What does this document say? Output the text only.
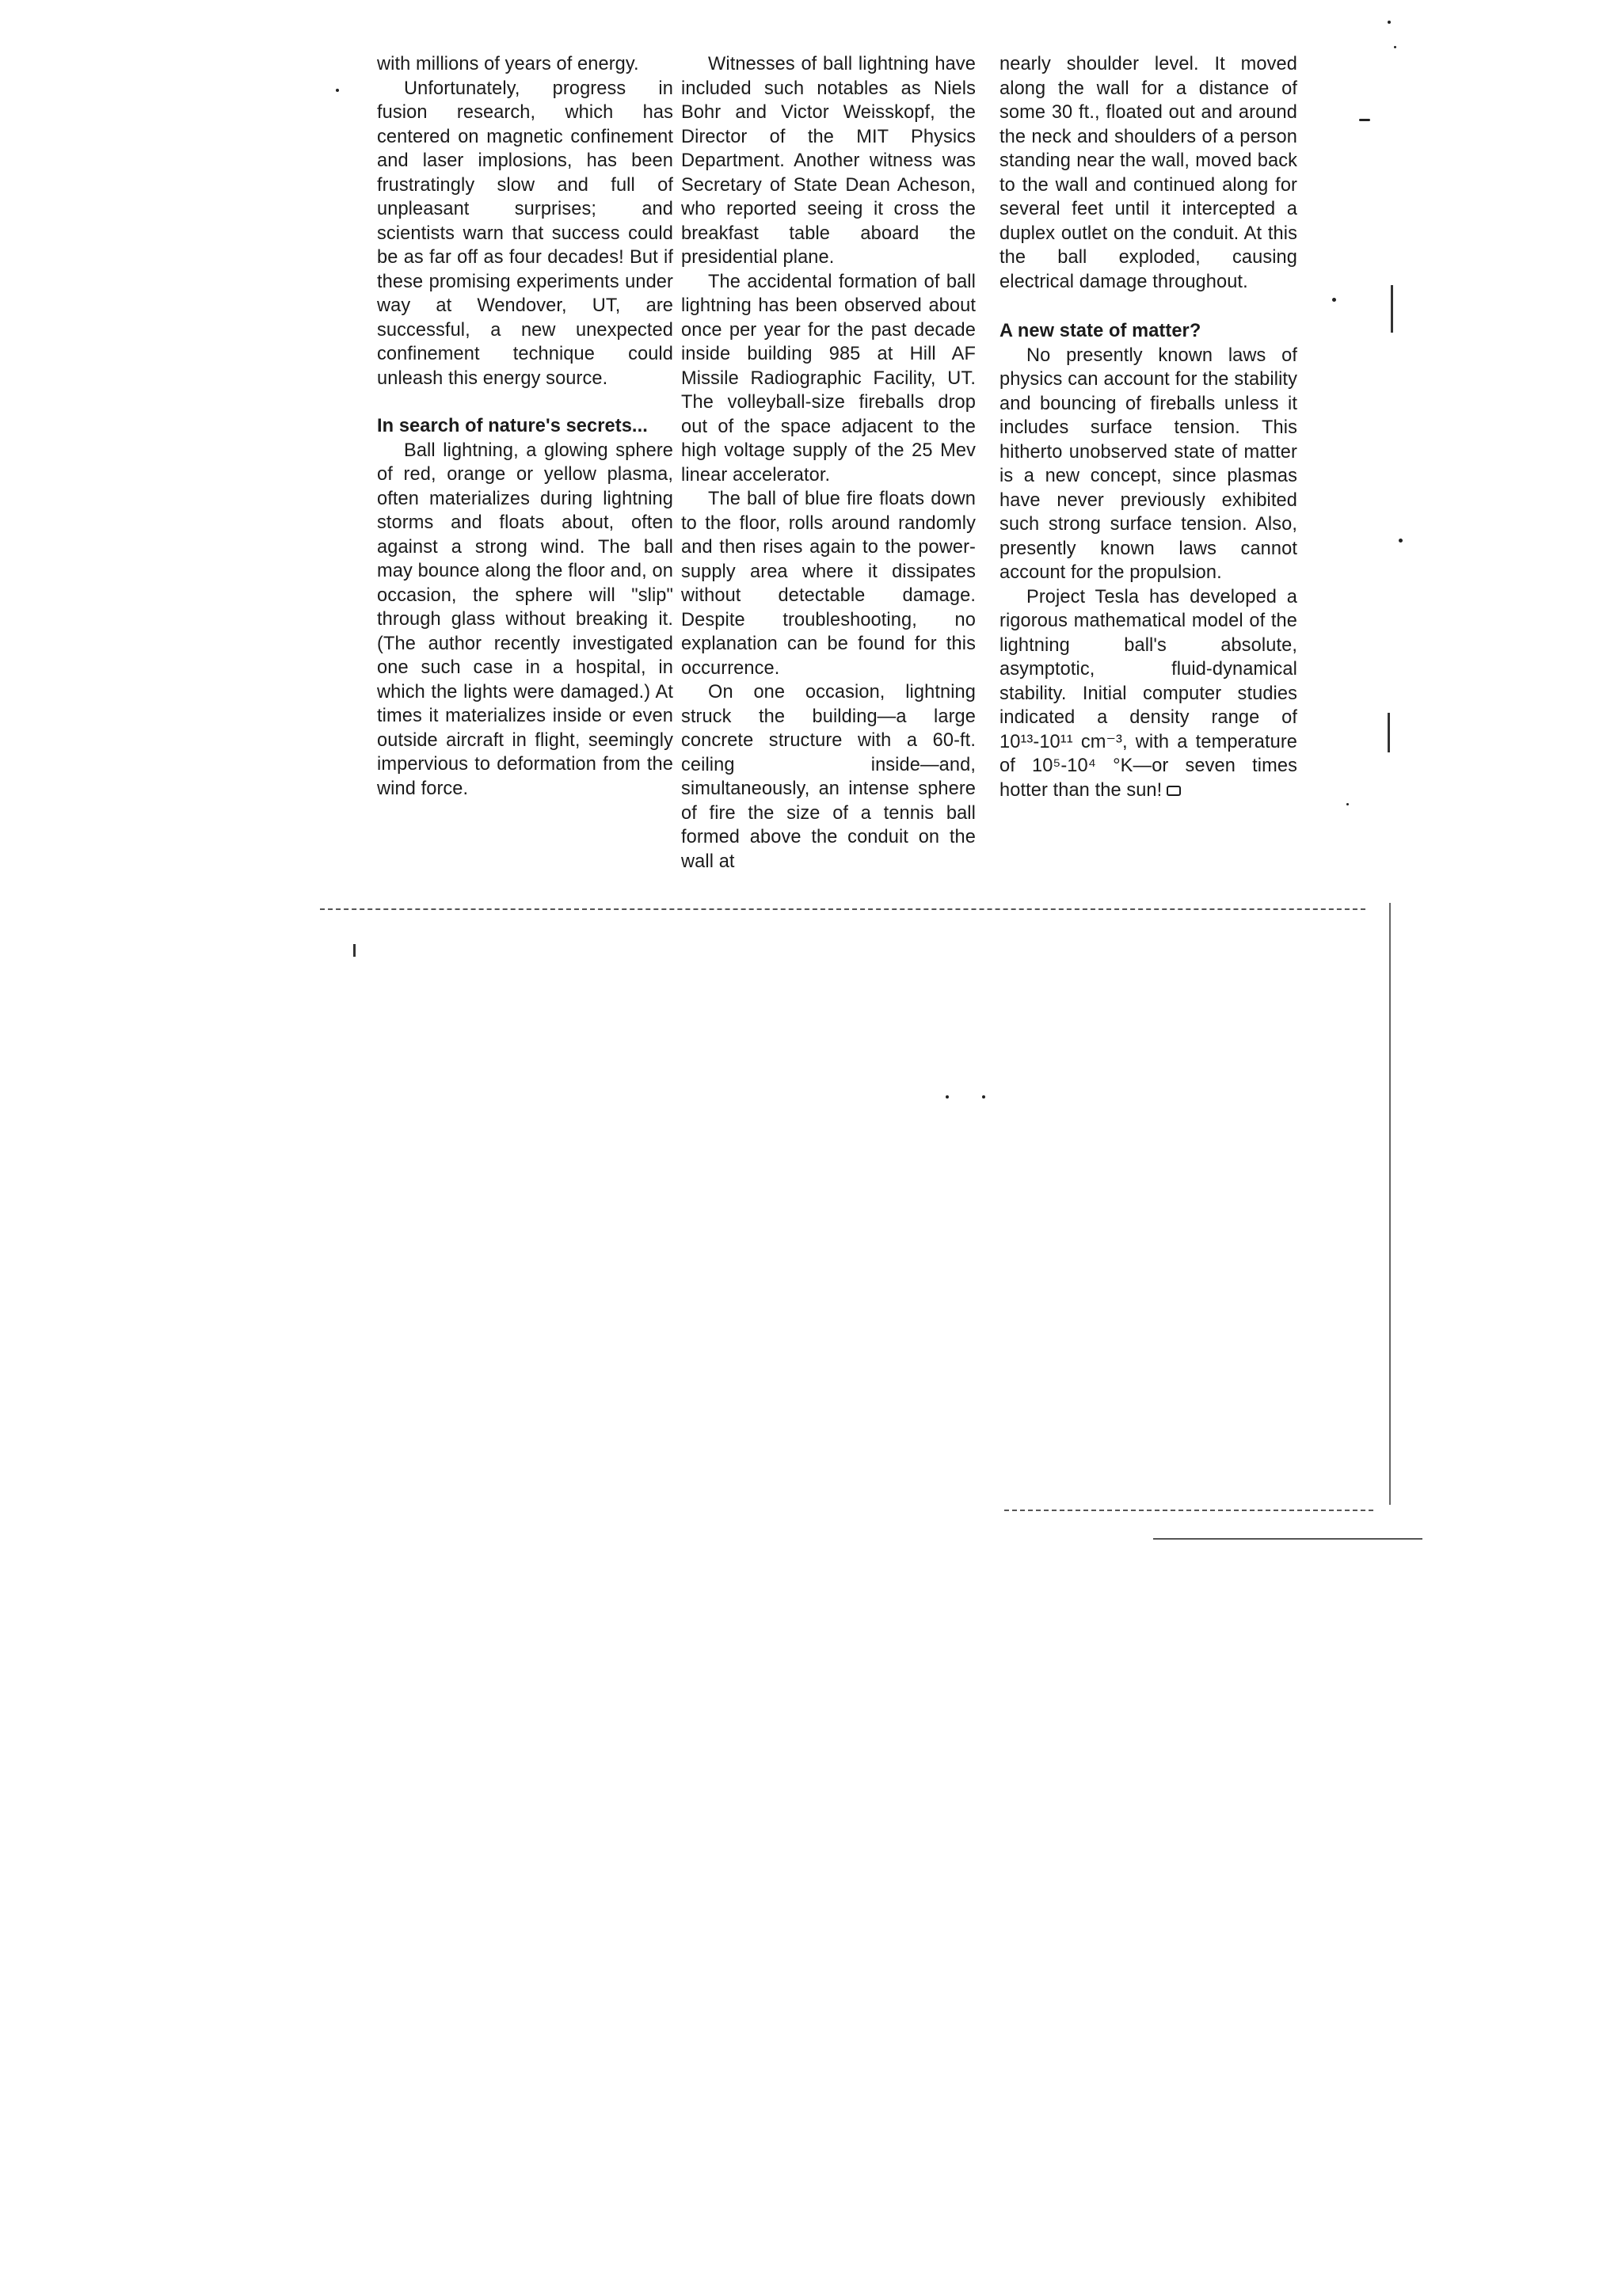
with millions of years of energy.

Unfortunately, progress in fusion research, which has centered on magnetic confinement and laser implosions, has been frustratingly slow and full of unpleasant surprises; and scientists warn that success could be as far off as four decades! But if these promising experiments under way at Wendover, UT, are successful, a new unexpected confinement technique could unleash this energy source.

In search of nature's secrets...

Ball lightning, a glowing sphere of red, orange or yellow plasma, often materializes during lightning storms and floats about, often against a strong wind. The ball may bounce along the floor and, on occasion, the sphere will "slip" through glass without breaking it. (The author recently investigated one such case in a hospital, in which the lights were damaged.) At times it materializes inside or even outside aircraft in flight, seemingly impervious to deformation from the wind force.

Witnesses of ball lightning have included such notables as Niels Bohr and Victor Weisskopf, the Director of the MIT Physics Department. Another witness was Secretary of State Dean Acheson, who reported seeing it cross the breakfast table aboard the presidential plane.

The accidental formation of ball lightning has been observed about once per year for the past decade inside building 985 at Hill AF Missile Radiographic Facility, UT. The volleyball-size fireballs drop out of the space adjacent to the high voltage supply of the 25 Mev linear accelerator.

The ball of blue fire floats down to the floor, rolls around randomly and then rises again to the power-supply area where it dissipates without detectable damage. Despite troubleshooting, no explanation can be found for this occurrence.

On one occasion, lightning struck the building—a large concrete structure with a 60-ft. ceiling inside—and, simultaneously, an intense sphere of fire the size of a tennis ball formed above the conduit on the wall at

nearly shoulder level. It moved along the wall for a distance of some 30 ft., floated out and around the neck and shoulders of a person standing near the wall, moved back to the wall and continued along for several feet until it intercepted a duplex outlet on the conduit. At this the ball exploded, causing electrical damage throughout.

A new state of matter?

No presently known laws of physics can account for the stability and bouncing of fireballs unless it includes surface tension. This hitherto unobserved state of matter is a new concept, since plasmas have never previously exhibited such strong surface tension. Also, presently known laws cannot account for the propulsion.

Project Tesla has developed a rigorous mathematical model of the lightning ball's absolute, asymptotic, fluid-dynamical stability. Initial computer studies indicated a density range of 10¹³-10¹¹ cm⁻³, with a temperature of 10⁵-10⁴ °K—or seven times hotter than the sun!
